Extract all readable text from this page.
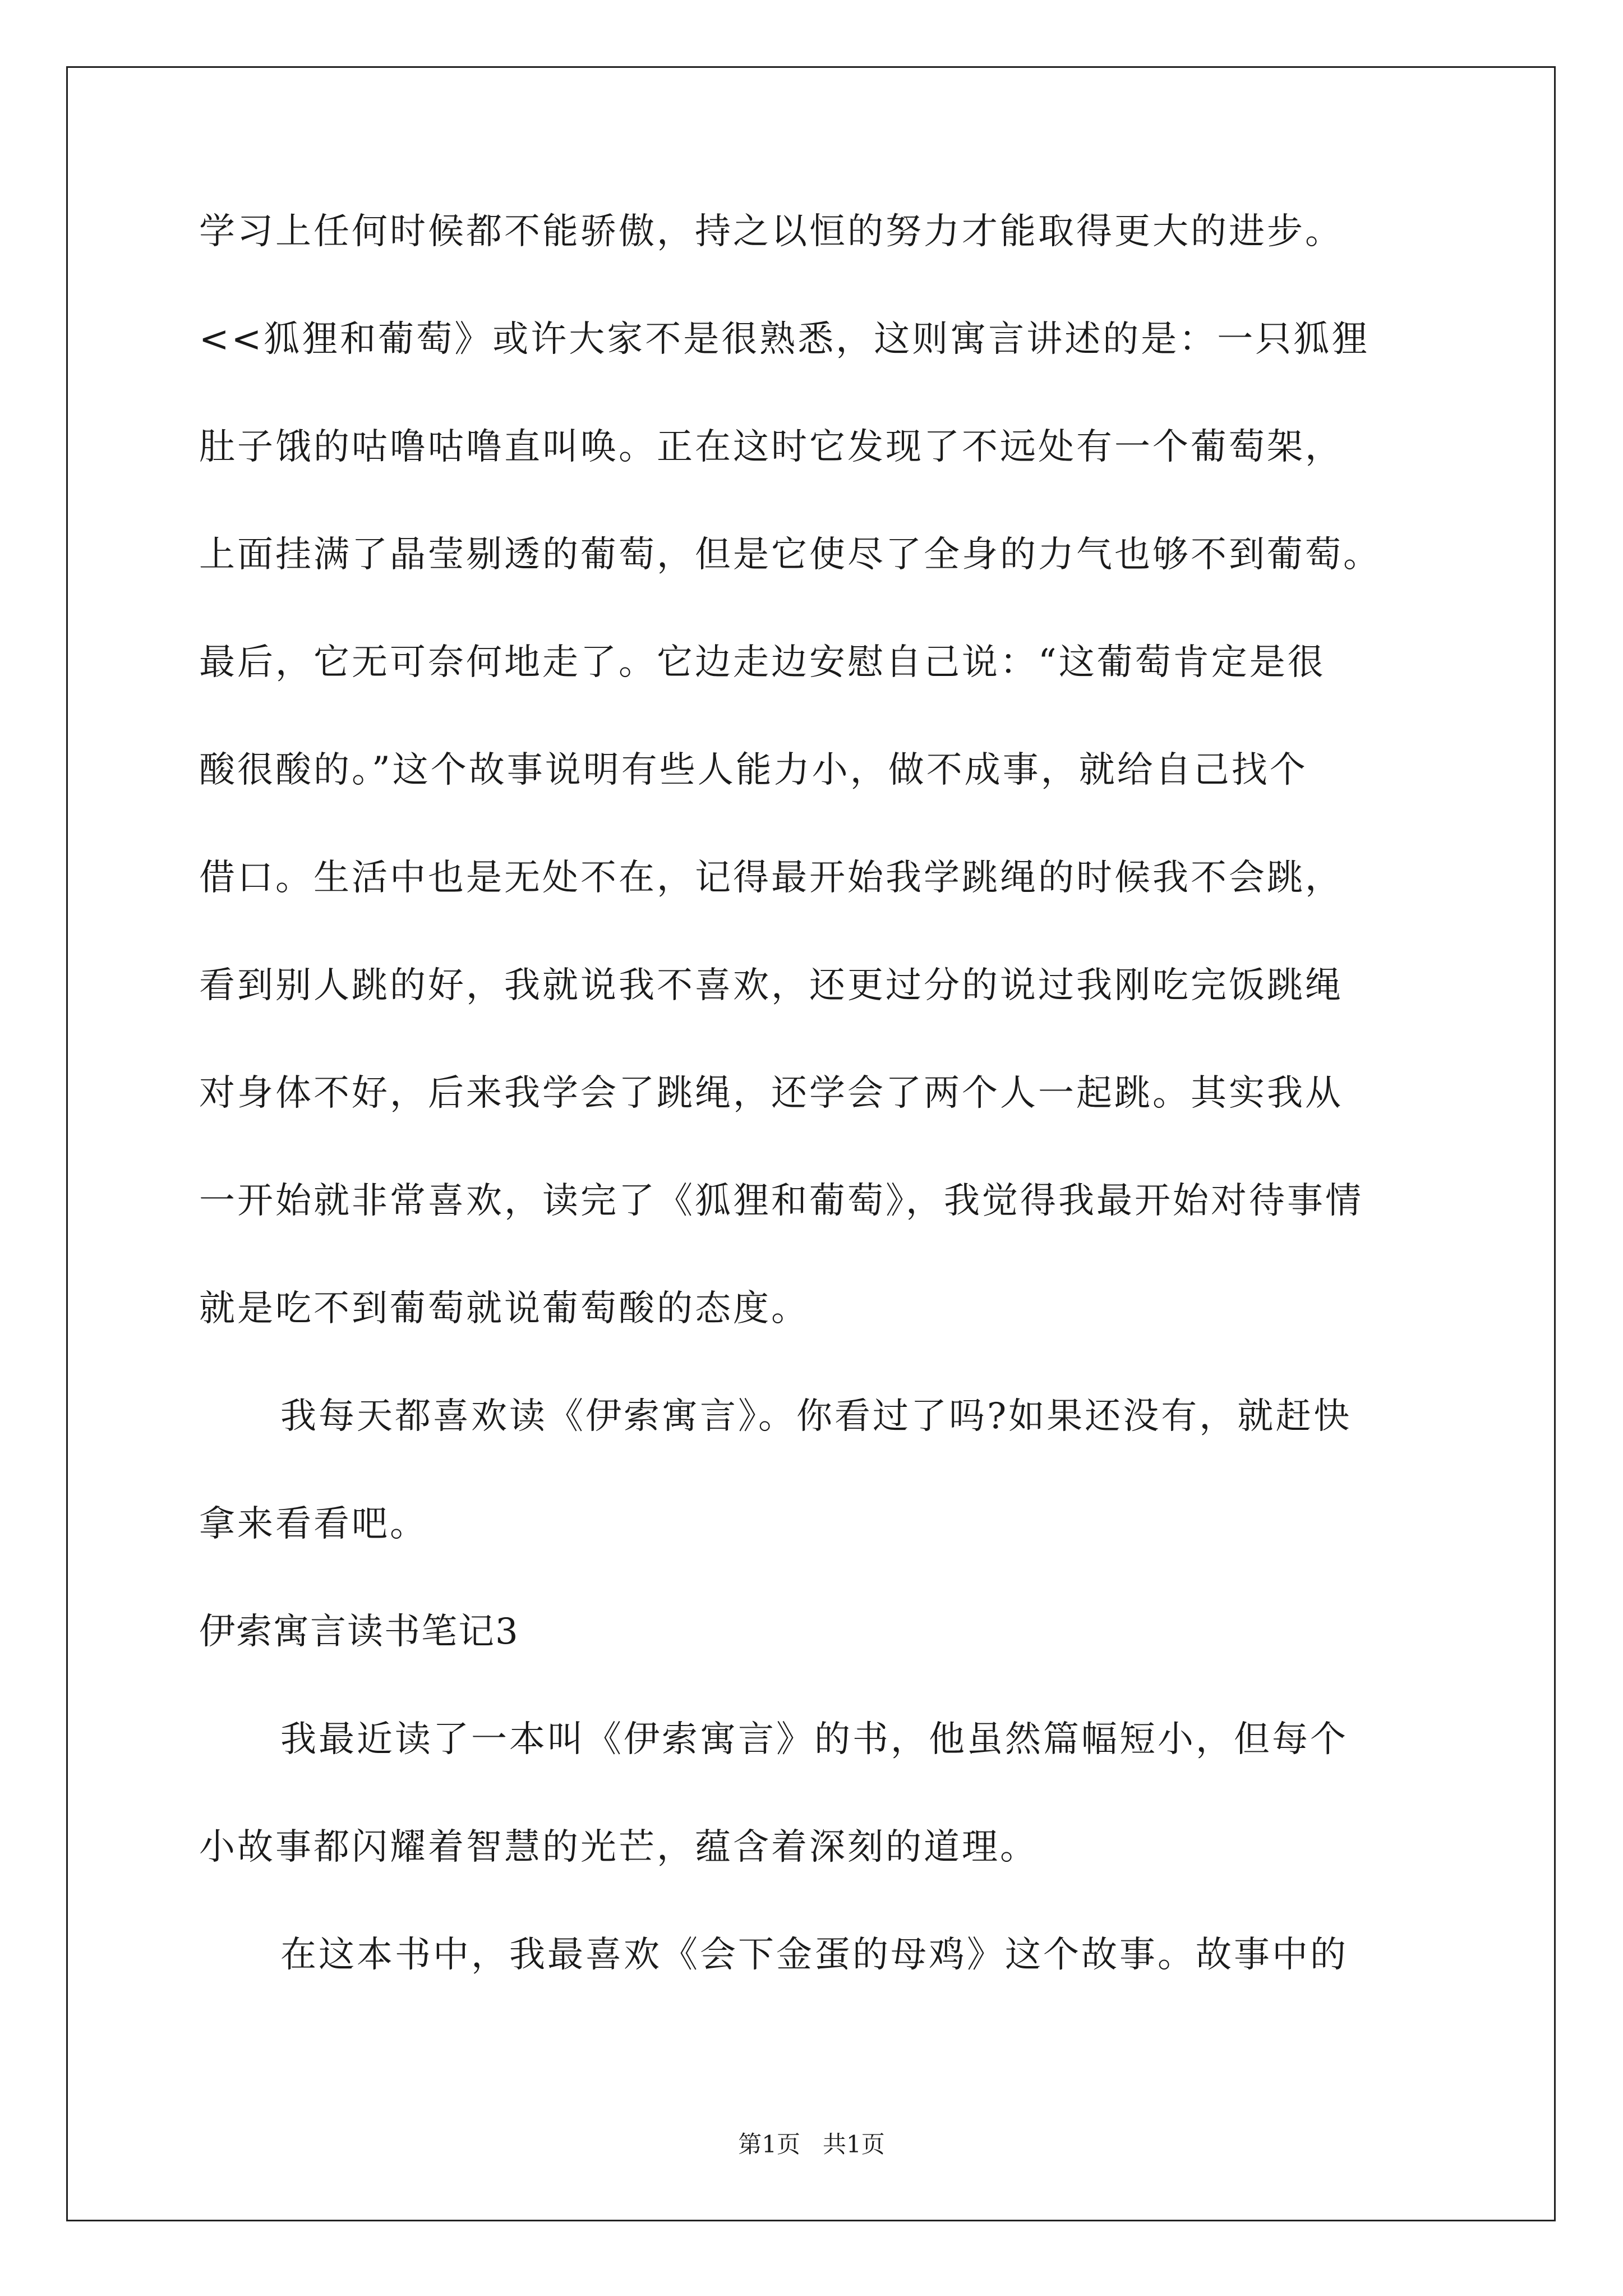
学习上任何时候都不能骄傲，持之以恒的努力才能取得更大的进步。
<<狐狸和葡萄》或许大家不是很熟悉，这则寓言讲述的是：一只狐狸
肚子饿的咕噜咕噜直叫唤。正在这时它发现了不远处有一个葡萄架，
上面挂满了晶莹剔透的葡萄，但是它使尽了全身的力气也够不到葡萄。
最后，它无可奈何地走了。它边走边安慰自己说：“这葡萄肯定是很
酸很酸的。”这个故事说明有些人能力小，做不成事，就给自己找个
借口。生活中也是无处不在，记得最开始我学跳绳的时候我不会跳，
看到别人跳的好，我就说我不喜欢，还更过分的说过我刚吃完饭跳绳
对身体不好，后来我学会了跳绳，还学会了两个人一起跳。其实我从
一开始就非常喜欢，读完了《狐狸和葡萄》，我觉得我最开始对待事情
就是吃不到葡萄就说葡萄酸的态度。
我每天都喜欢读《伊索寓言》。你看过了吗?如果还没有，就赶快
拿来看看吧。
伊索寓言读书笔记3
我最近读了一本叫《伊索寓言》的书，他虽然篇幅短小，但每个
小故事都闪耀着智慧的光芒，蕴含着深刻的道理。
在这本书中，我最喜欢《会下金蛋的母鸡》这个故事。故事中的
第1页   共1页
